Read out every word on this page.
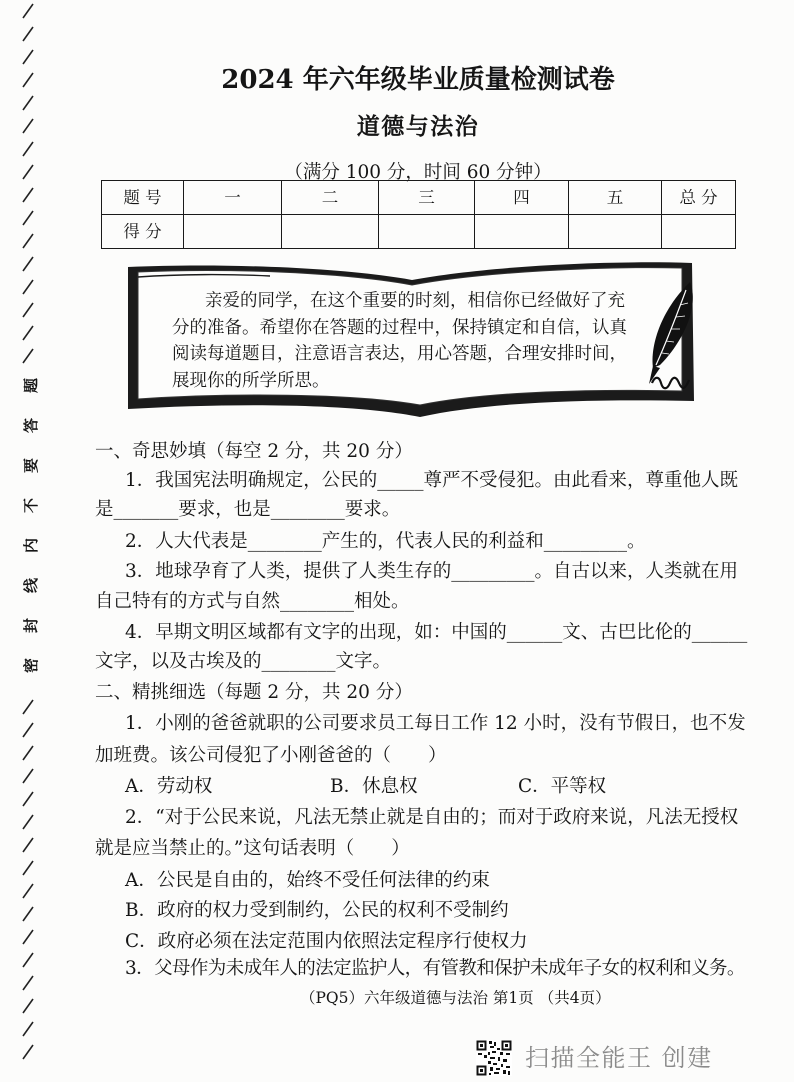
密封线内不要答题
2024 年六年级毕业质量检测试卷
道德与法治
（满分 100 分，时间 60 分钟）
题 号	一	二	三	四	五	总 分
得 分						
亲爱的同学，在这个重要的时刻，相信你已经做好了充
分的准备。希望你在答题的过程中，保持镇定和自信，认真
阅读每道题目，注意语言表达，用心答题，合理安排时间，
展现你的所学所思。
一、奇思妙填（每空 2 分，共 20 分）
1．我国宪法明确规定，公民的_____尊严不受侵犯。由此看来，尊重他人既
是_______要求，也是________要求。
2．人大代表是________产生的，代表人民的利益和_________。
3．地球孕育了人类，提供了人类生存的_________。自古以来，人类就在用
自己特有的方式与自然________相处。
4．早期文明区域都有文字的出现，如：中国的______文、古巴比伦的______
文字，以及古埃及的________文字。
二、精挑细选（每题 2 分，共 20 分）
1．小刚的爸爸就职的公司要求员工每日工作 12 小时，没有节假日，也不发
加班费。该公司侵犯了小刚爸爸的（　　）
A．劳动权	B．休息权	C．平等权
2．“对于公民来说，凡法无禁止就是自由的；而对于政府来说，凡法无授权
就是应当禁止的。”这句话表明（　　）
A．公民是自由的，始终不受任何法律的约束
B．政府的权力受到制约，公民的权利不受制约
C．政府必须在法定范围内依照法定程序行使权力
3．父母作为未成年人的法定监护人，有管教和保护未成年子女的权利和义务。
（PQ5）六年级道德与法治 第1页 （共4页）
扫描全能王 创建
